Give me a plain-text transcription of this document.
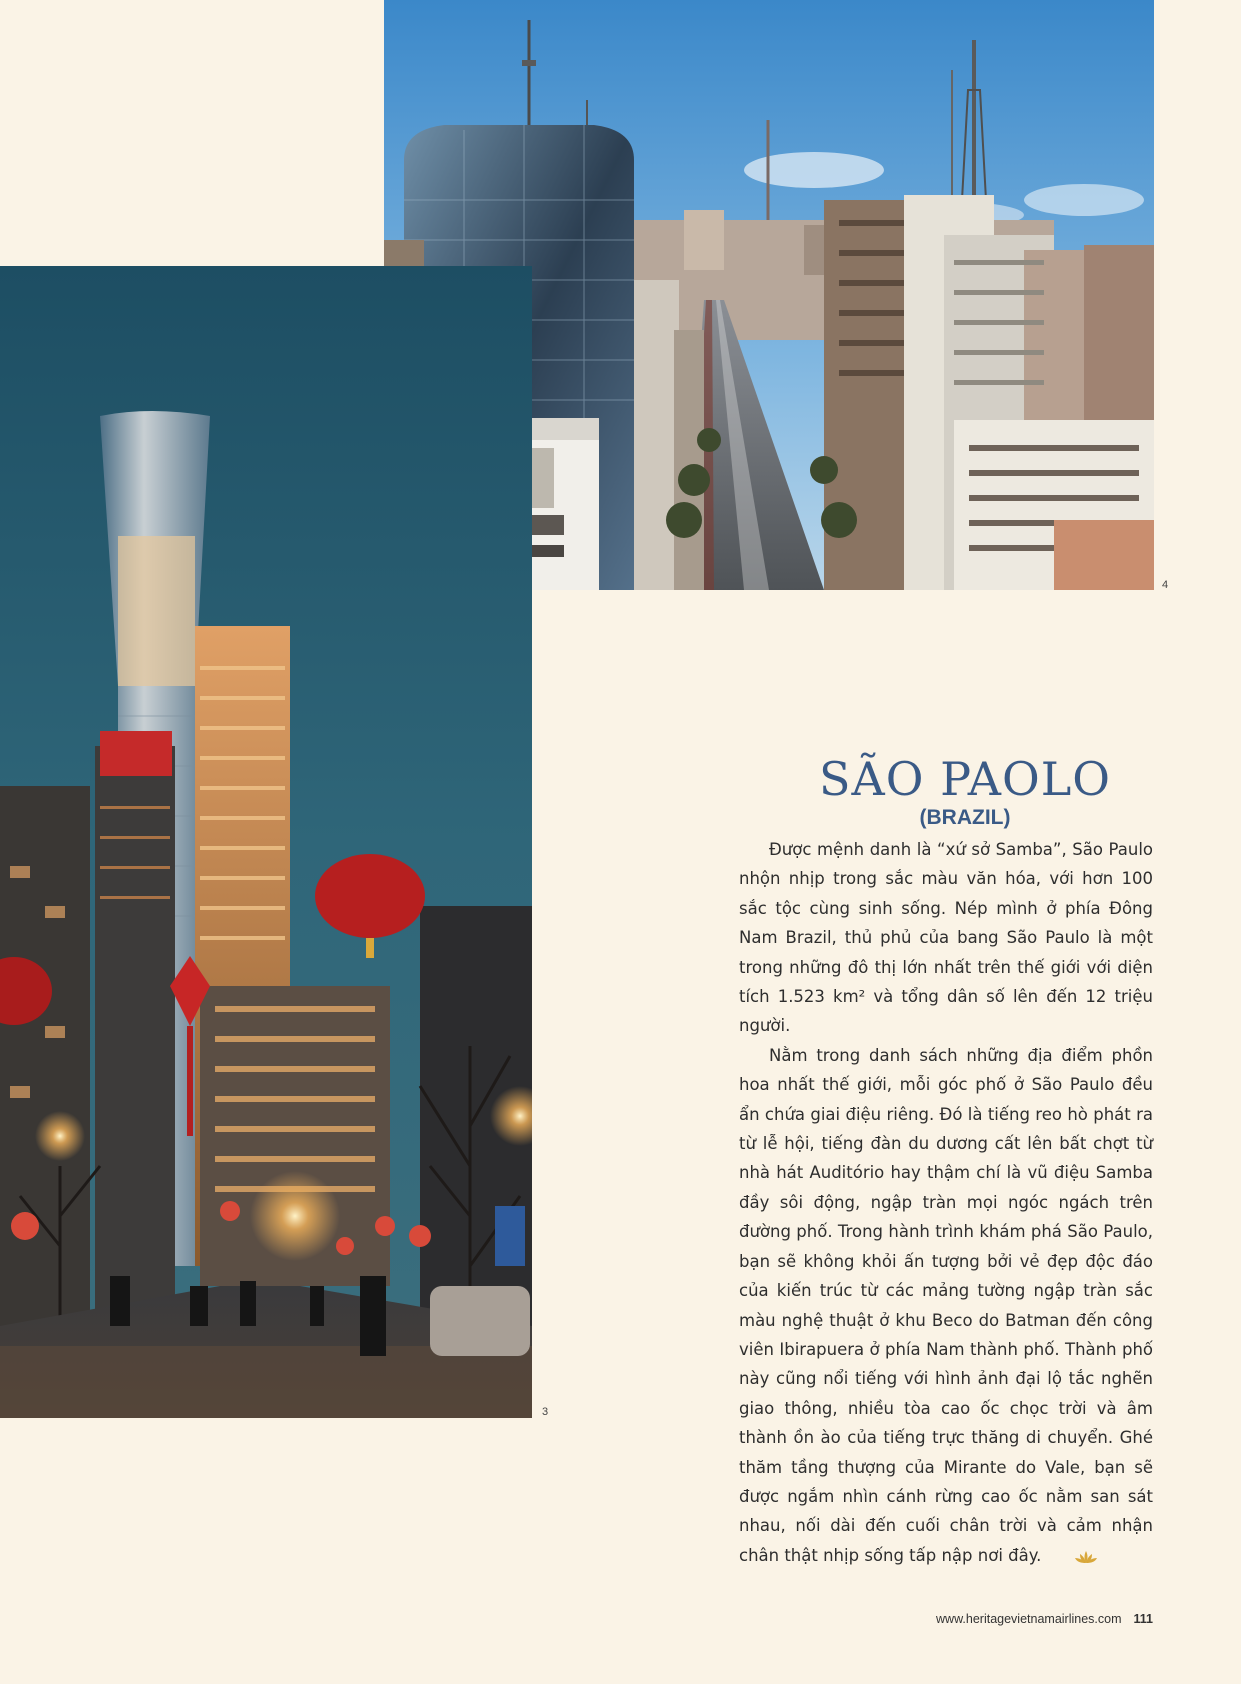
4
3
SÃO PAOLO
(BRAZIL)

Được mệnh danh là “xứ sở Samba”, São Paulo nhộn nhịp trong sắc màu văn hóa, với hơn 100 sắc tộc cùng sinh sống. Nép mình ở phía Đông Nam Brazil, thủ phủ của bang São Paulo là một trong những đô thị lớn nhất trên thế giới với diện tích 1.523 km² và tổng dân số lên đến 12 triệu người.

Nằm trong danh sách những địa điểm phồn hoa nhất thế giới, mỗi góc phố ở São Paulo đều ẩn chứa giai điệu riêng. Đó là tiếng reo hò phát ra từ lễ hội, tiếng đàn du dương cất lên bất chợt từ nhà hát Auditório hay thậm chí là vũ điệu Samba đầy sôi động, ngập tràn mọi ngóc ngách trên đường phố. Trong hành trình khám phá São Paulo, bạn sẽ không khỏi ấn tượng bởi vẻ đẹp độc đáo của kiến trúc từ các mảng tường ngập tràn sắc màu nghệ thuật ở khu Beco do Batman đến công viên Ibirapuera ở phía Nam thành phố. Thành phố này cũng nổi tiếng với hình ảnh đại lộ tắc nghẽn giao thông, nhiều tòa cao ốc chọc trời và âm thành ồn ào của tiếng trực thăng di chuyển. Ghé thăm tầng thượng của Mirante do Vale, bạn sẽ được ngắm nhìn cánh rừng cao ốc nằm san sát nhau, nối dài đến cuối chân trời và cảm nhận chân thật nhịp sống tấp nập nơi đây.

www.heritagevietnamairlines.com 111
